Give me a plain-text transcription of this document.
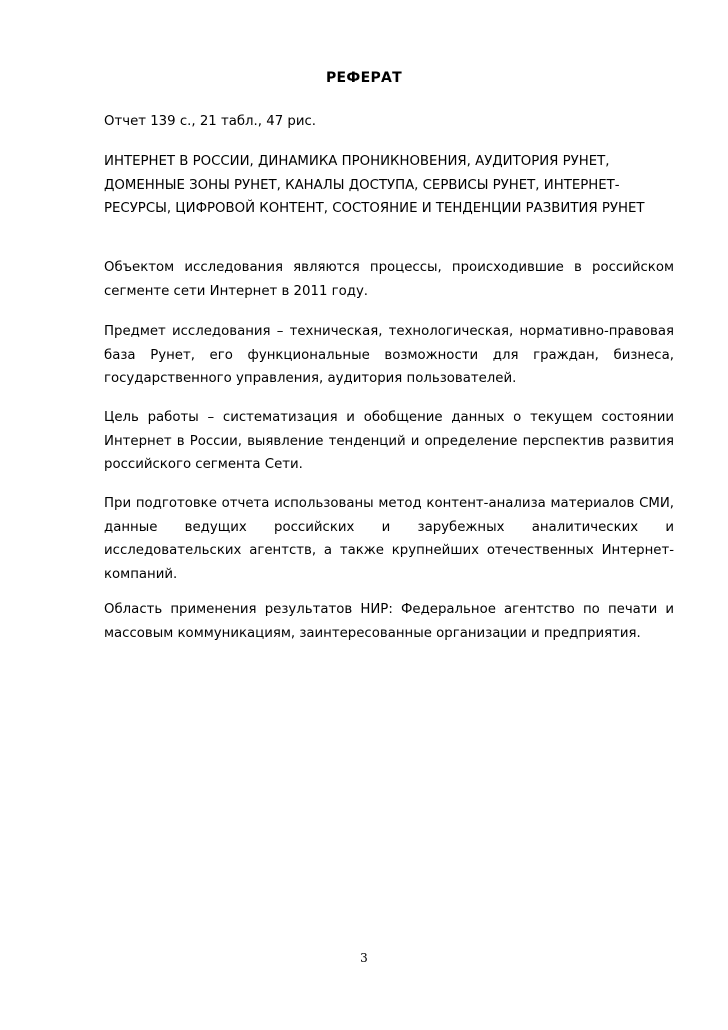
РЕФЕРАТ
Отчет 139 с., 21 табл., 47 рис.
ИНТЕРНЕТ В РОССИИ, ДИНАМИКА ПРОНИКНОВЕНИЯ, АУДИТОРИЯ РУНЕТ, ДОМЕННЫЕ ЗОНЫ РУНЕТ, КАНАЛЫ ДОСТУПА, СЕРВИСЫ РУНЕТ, ИНТЕРНЕТ-РЕСУРСЫ, ЦИФРОВОЙ КОНТЕНТ, СОСТОЯНИЕ И ТЕНДЕНЦИИ РАЗВИТИЯ РУНЕТ
Объектом исследования являются процессы, происходившие в российском сегменте сети Интернет в 2011 году.
Предмет исследования – техническая, технологическая, нормативно-правовая база Рунет, его функциональные возможности для граждан, бизнеса, государственного управления, аудитория пользователей.
Цель работы – систематизация и обобщение данных о текущем состоянии Интернет в России, выявление тенденций и определение перспектив развития российского сегмента Сети.
При подготовке отчета использованы метод контент-анализа материалов СМИ, данные ведущих российских и зарубежных аналитических и исследовательских агентств, а также крупнейших отечественных Интернет-компаний.
Область применения результатов НИР: Федеральное агентство по печати и массовым коммуникациям, заинтересованные организации и предприятия.
3
